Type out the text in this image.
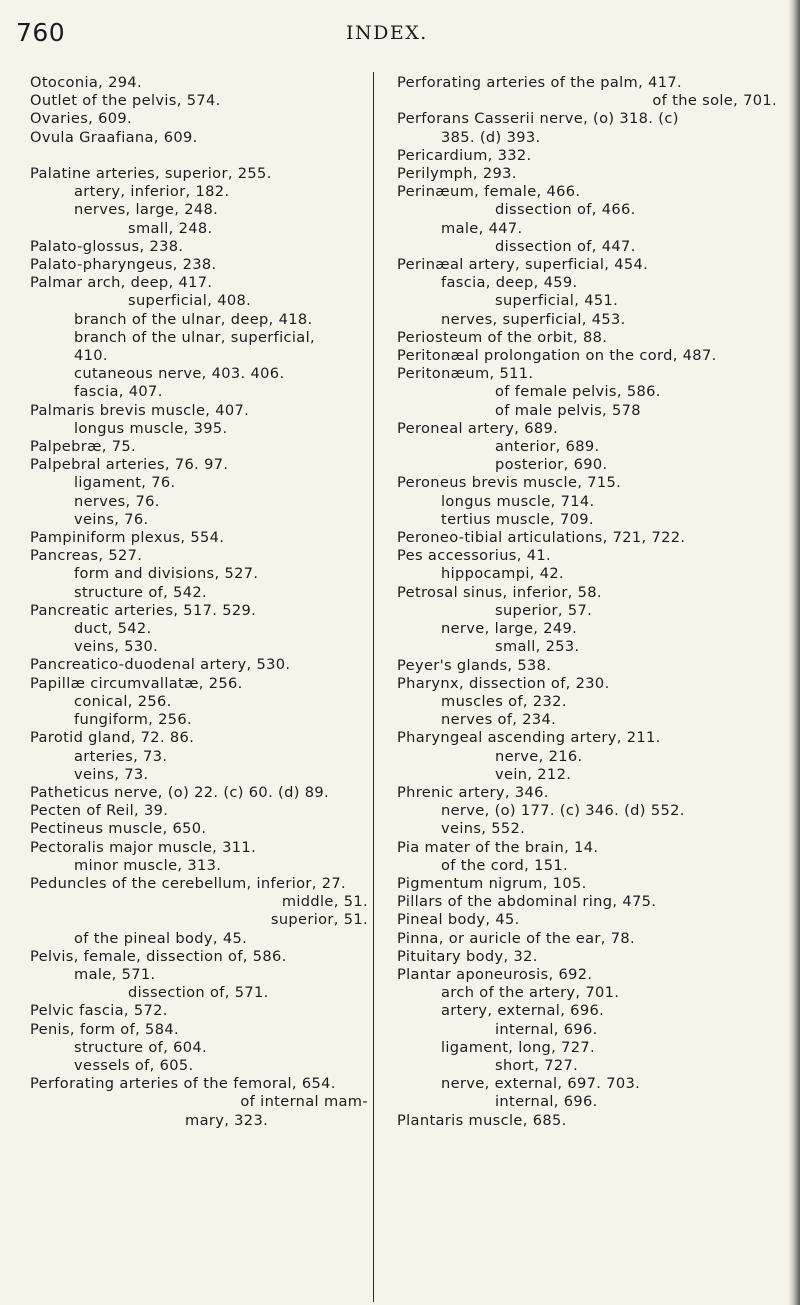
760	INDEX.
Otoconia, 294.
Outlet of the pelvis, 574.
Ovaries, 609.
Ovula Graafiana, 609.
Palatine arteries, superior, 255.
artery, inferior, 182.
nerves, large, 248.
small, 248.
Palato-glossus, 238.
Palato-pharyngeus, 238.
Palmar arch, deep, 417.
superficial, 408.
branch of the ulnar, deep, 418.
branch of the ulnar, superficial,
410.
cutaneous nerve, 403. 406.
fascia, 407.
Palmaris brevis muscle, 407.
longus muscle, 395.
Palpebræ, 75.
Palpebral arteries, 76. 97.
ligament, 76.
nerves, 76.
veins, 76.
Pampiniform plexus, 554.
Pancreas, 527.
form and divisions, 527.
structure of, 542.
Pancreatic arteries, 517. 529.
duct, 542.
veins, 530.
Pancreatico-duodenal artery, 530.
Papillæ circumvallatæ, 256.
conical, 256.
fungiform, 256.
Parotid gland, 72. 86.
arteries, 73.
veins, 73.
Patheticus nerve, (o) 22. (c) 60. (d) 89.
Pecten of Reil, 39.
Pectineus muscle, 650.
Pectoralis major muscle, 311.
minor muscle, 313.
Peduncles of the cerebellum, inferior, 27.
middle, 51.
superior, 51.
of the pineal body, 45.
Pelvis, female, dissection of, 586.
male, 571.
dissection of, 571.
Pelvic fascia, 572.
Penis, form of, 584.
structure of, 604.
vessels of, 605.
Perforating arteries of the femoral, 654.
of internal mam-
mary, 323.
Perforating arteries of the palm, 417.
of the sole, 701.
Perforans Casserii nerve, (o) 318. (c)
385. (d) 393.
Pericardium, 332.
Perilymph, 293.
Perinæum, female, 466.
dissection of, 466.
male, 447.
dissection of, 447.
Perinæal artery, superficial, 454.
fascia, deep, 459.
superficial, 451.
nerves, superficial, 453.
Periosteum of the orbit, 88.
Peritonæal prolongation on the cord, 487.
Peritonæum, 511.
of female pelvis, 586.
of male pelvis, 578
Peroneal artery, 689.
anterior, 689.
posterior, 690.
Peroneus brevis muscle, 715.
longus muscle, 714.
tertius muscle, 709.
Peroneo-tibial articulations, 721, 722.
Pes accessorius, 41.
hippocampi, 42.
Petrosal sinus, inferior, 58.
superior, 57.
nerve, large, 249.
small, 253.
Peyer's glands, 538.
Pharynx, dissection of, 230.
muscles of, 232.
nerves of, 234.
Pharyngeal ascending artery, 211.
nerve, 216.
vein, 212.
Phrenic artery, 346.
nerve, (o) 177. (c) 346. (d) 552.
veins, 552.
Pia mater of the brain, 14.
of the cord, 151.
Pigmentum nigrum, 105.
Pillars of the abdominal ring, 475.
Pineal body, 45.
Pinna, or auricle of the ear, 78.
Pituitary body, 32.
Plantar aponeurosis, 692.
arch of the artery, 701.
artery, external, 696.
internal, 696.
ligament, long, 727.
short, 727.
nerve, external, 697. 703.
internal, 696.
Plantaris muscle, 685.
